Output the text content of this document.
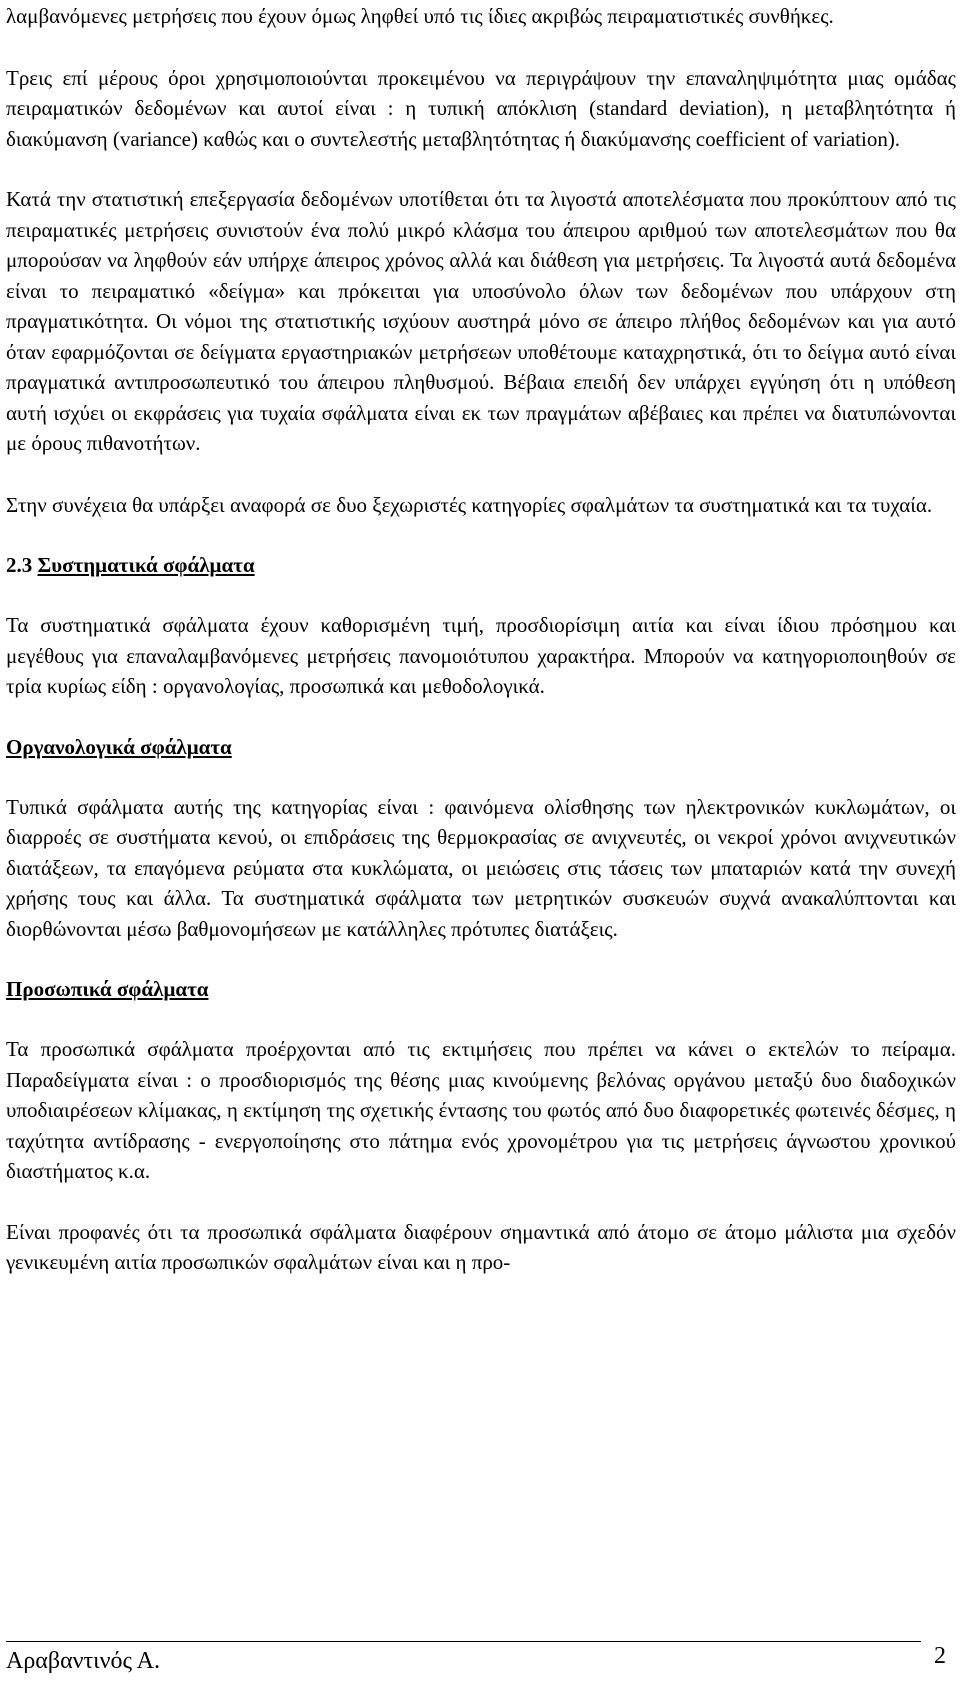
λαμβανόμενες μετρήσεις που έχουν όμως ληφθεί υπό τις ίδιες ακριβώς πειραματιστικές συνθήκες.

Τρεις επί μέρους όροι χρησιμοποιούνται προκειμένου να περιγράψουν την επαναληψιμότητα μιας ομάδας πειραματικών δεδομένων και αυτοί είναι : η τυπική απόκλιση (standard deviation), η μεταβλητότητα ή διακύμανση (variance) καθώς και ο συντελεστής μεταβλητότητας ή διακύμανσης coefficient of variation).

Κατά την στατιστική επεξεργασία δεδομένων υποτίθεται ότι τα λιγοστά αποτελέσματα που προκύπτουν από τις πειραματικές μετρήσεις συνιστούν ένα πολύ μικρό κλάσμα του άπειρου αριθμού των αποτελεσμάτων που θα μπορούσαν να ληφθούν εάν υπήρχε άπειρος χρόνος αλλά και διάθεση για μετρήσεις. Τα λιγοστά αυτά δεδομένα είναι το πειραματικό «δείγμα» και πρόκειται για υποσύνολο όλων των δεδομένων που υπάρχουν στη πραγματικότητα. Οι νόμοι της στατιστικής ισχύουν αυστηρά μόνο σε άπειρο πλήθος δεδομένων και για αυτό όταν εφαρμόζονται σε δείγματα εργαστηριακών μετρήσεων υποθέτουμε καταχρηστικά, ότι το δείγμα αυτό είναι πραγματικά αντιπροσωπευτικό του άπειρου πληθυσμού. Βέβαια επειδή δεν υπάρχει εγγύηση ότι η υπόθεση αυτή ισχύει οι εκφράσεις για τυχαία σφάλματα είναι εκ των πραγμάτων αβέβαιες και πρέπει να διατυπώνονται με όρους πιθανοτήτων.

Στην συνέχεια θα υπάρξει αναφορά σε δυο ξεχωριστές κατηγορίες σφαλμάτων τα συστηματικά και τα τυχαία.

2.3 Συστηματικά σφάλματα

Τα συστηματικά σφάλματα έχουν καθορισμένη τιμή, προσδιορίσιμη αιτία και είναι ίδιου πρόσημου και μεγέθους για επαναλαμβανόμενες μετρήσεις πανομοιότυπου χαρακτήρα. Μπορούν να κατηγοριοποιηθούν σε τρία κυρίως είδη : οργανολογίας, προσωπικά και μεθοδολογικά.

Οργανολογικά σφάλματα

Τυπικά σφάλματα αυτής της κατηγορίας είναι : φαινόμενα ολίσθησης των ηλεκτρονικών κυκλωμάτων, οι διαρροές σε συστήματα κενού, οι επιδράσεις της θερμοκρασίας σε ανιχνευτές, οι νεκροί χρόνοι ανιχνευτικών διατάξεων, τα επαγόμενα ρεύματα στα κυκλώματα, οι μειώσεις στις τάσεις των μπαταριών κατά την συνεχή χρήσης τους και άλλα. Τα συστηματικά σφάλματα των μετρητικών συσκευών συχνά ανακαλύπτονται και διορθώνονται μέσω βαθμονομήσεων με κατάλληλες πρότυπες διατάξεις.

Προσωπικά σφάλματα

Τα προσωπικά σφάλματα προέρχονται από τις εκτιμήσεις που πρέπει να κάνει ο εκτελών το πείραμα. Παραδείγματα είναι : ο προσδιορισμός της θέσης μιας κινούμενης βελόνας οργάνου μεταξύ δυο διαδοχικών υποδιαιρέσεων κλίμακας, η εκτίμηση της σχετικής έντασης του φωτός από δυο διαφορετικές φωτεινές δέσμες, η ταχύτητα αντίδρασης - ενεργοποίησης στο πάτημα ενός χρονομέτρου για τις μετρήσεις άγνωστου χρονικού διαστήματος κ.α.

Είναι προφανές ότι τα προσωπικά σφάλματα διαφέρουν σημαντικά από άτομο σε άτομο μάλιστα μια σχεδόν γενικευμένη αιτία προσωπικών σφαλμάτων είναι και η προ-

Αραβαντινός Α.	2
